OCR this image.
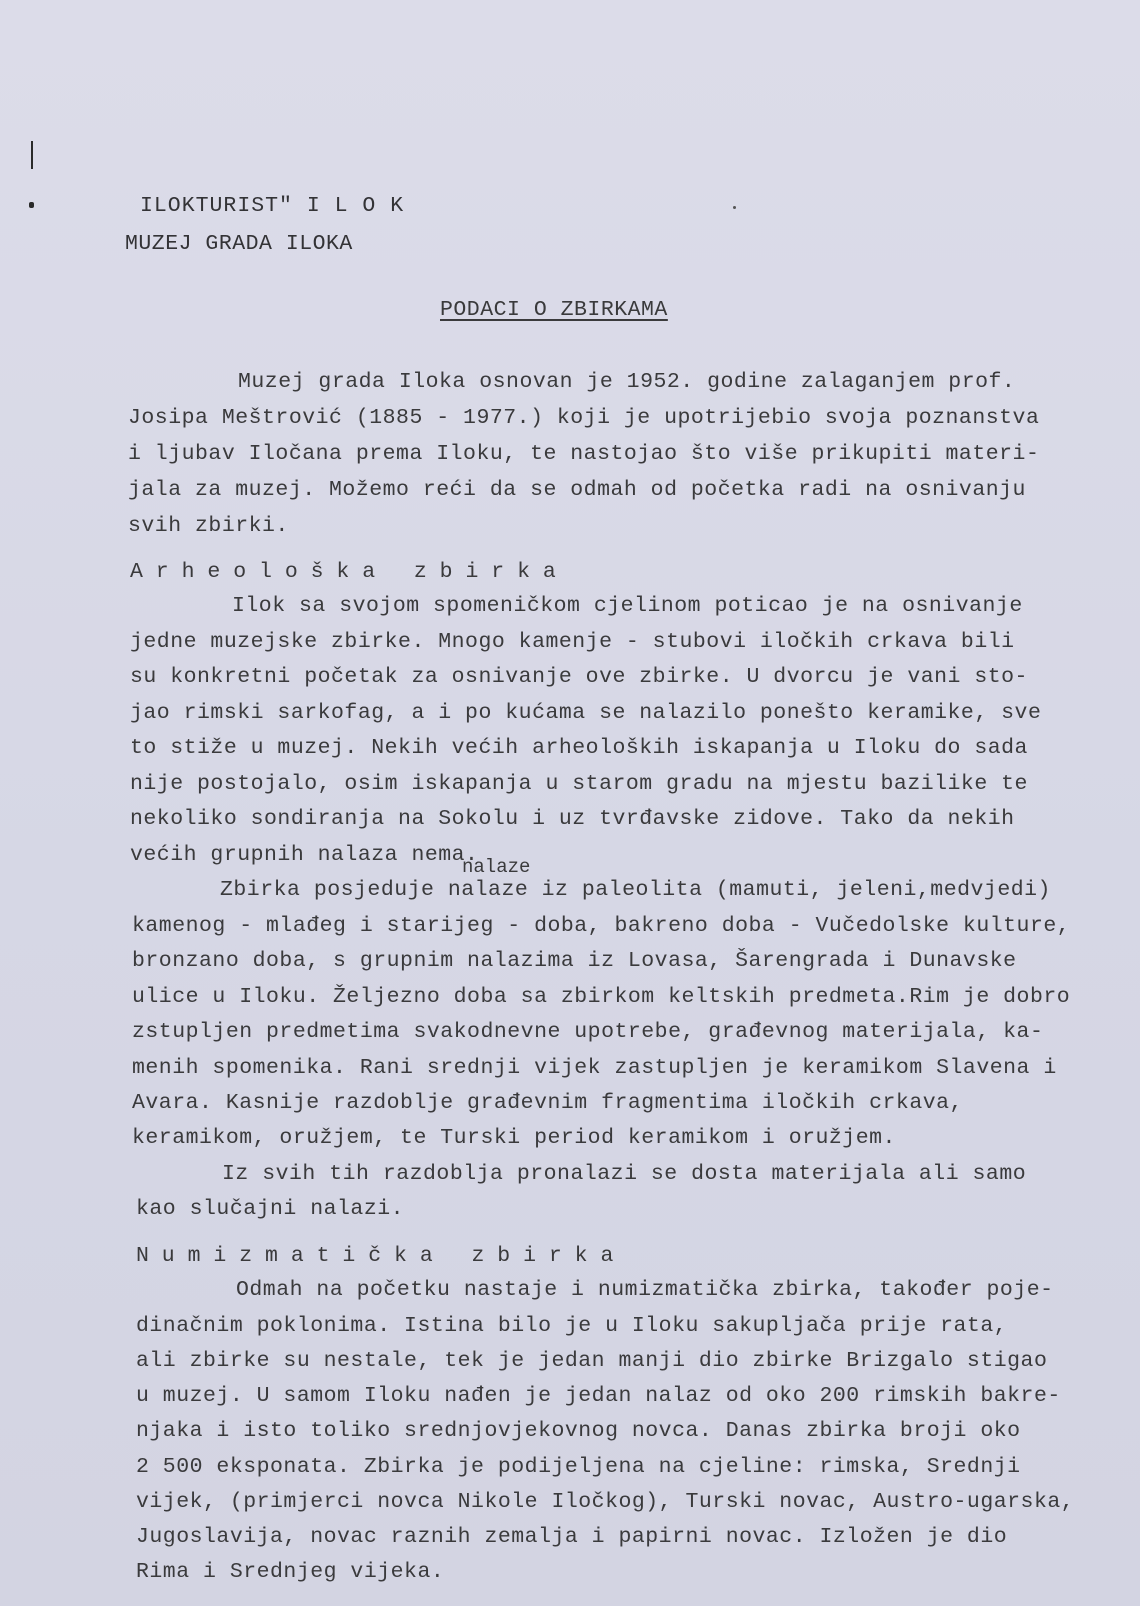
ILOKTURIST" I L O K
MUZEJ GRADA ILOKA
PODACI O ZBIRKAMA
Muzej grada Iloka osnovan je 1952. godine zalaganjem prof.
Josipa Meštrović (1885 - 1977.) koji je upotrijebio svoja poznanstva
i ljubav Iločana prema Iloku, te nastojao što više prikupiti materi-
jala za muzej. Možemo reći da se odmah od početka radi na osnivanju
svih zbirki.
A r h e o l o š k a   z b i r k a
Ilok sa svojom spomeničkom cjelinom poticao je na osnivanje
jedne muzejske zbirke. Mnogo kamenje - stubovi iločkih crkava bili
su konkretni početak za osnivanje ove zbirke. U dvorcu je vani sto-
jao rimski sarkofag, a i po kućama se nalazilo ponešto keramike, sve
to stiže u muzej. Nekih većih arheoloških iskapanja u Iloku do sada
nije postojalo, osim iskapanja u starom gradu na mjestu bazilike te
nekoliko sondiranja na Sokolu i uz tvrđavske zidove. Tako da nekih
većih grupnih nalaza nema.
nalaze
Zbirka posjeduje nalaze iz paleolita (mamuti, jeleni,medvjedi)
kamenog - mlađeg i starijeg - doba, bakreno doba - Vučedolske kulture,
bronzano doba, s grupnim nalazima iz Lovasa, Šarengrada i Dunavske
ulice u Iloku. Željezno doba sa zbirkom keltskih predmeta.Rim je dobro
zstupljen predmetima svakodnevne upotrebe, građevnog materijala, ka-
menih spomenika. Rani srednji vijek zastupljen je keramikom Slavena i
Avara. Kasnije razdoblje građevnim fragmentima iločkih crkava,
keramikom, oružjem, te Turski period keramikom i oružjem.
Iz svih tih razdoblja pronalazi se dosta materijala ali samo
kao slučajni nalazi.
N u m i z m a t i č k a   z b i r k a
Odmah na početku nastaje i numizmatička zbirka, također poje-
dinačnim poklonima. Istina bilo je u Iloku sakupljača prije rata,
ali zbirke su nestale, tek je jedan manji dio zbirke Brizgalo stigao
u muzej. U samom Iloku nađen je jedan nalaz od oko 200 rimskih bakre-
njaka i isto toliko srednjovjekovnog novca. Danas zbirka broji oko
2 500 eksponata. Zbirka je podijeljena na cjeline: rimska, Srednji
vijek, (primjerci novca Nikole Iločkog), Turski novac, Austro-ugarska,
Jugoslavija, novac raznih zemalja i papirni novac. Izložen je dio
Rima i Srednjeg vijeka.
